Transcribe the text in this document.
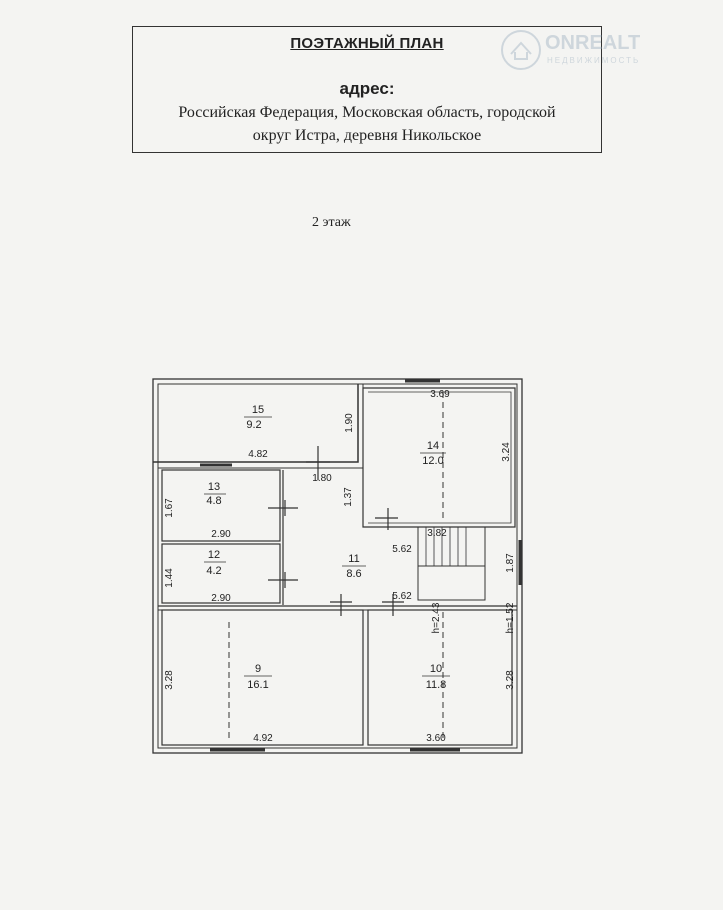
ПОЭТАЖНЫЙ ПЛАН
адрес:
Российская Федерация, Московская область, городской
округ Истра, деревня Никольское
ONREALT
НЕДВИЖИМОСТЬ
2 этаж
15
9.2
14
12.0
13
4.8
12
4.2
11
8.6
9
16.1
10
11.8
1.90
4.82
3.69
3.24
1.80
1.37
3.82
1.67
2.90
1.44
2.90
5.62
5.62
1.87
h=2.43	h=1.52
3.28
4.92
3.28
3.60
